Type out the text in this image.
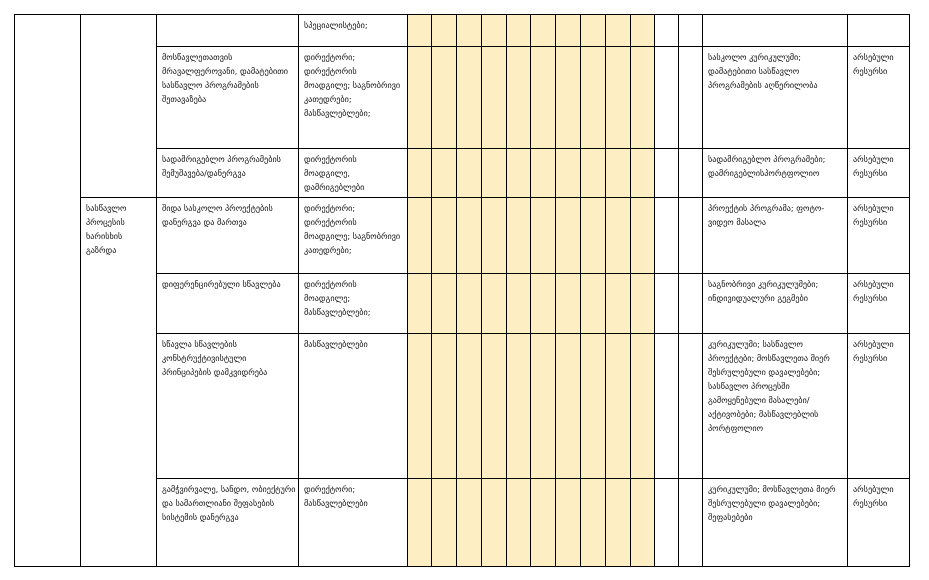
			სპეციალისტები;														
		მოსწავლეთათვის მრავალფეროვანი, დამატებითი სასწავლო პროგრამების შეთავაზება	დირექტორი; დირექტორის მოადგილე; საგნობრივი კათედრები; მასწავლებლები;													სასკოლო კურიკულუმი; დამატებითი სასწავლო პროგრამების აღწერილობა	არსებული რესურსი
		სადამრიგებლო პროგრამების შემუშავება/დანერგვა	დირექტორის მოადგილე, დამრიგებლები													სადამრიგებლო პროგრამები; დამრიგებლისპორტფოლიო	არსებული რესურსი
	სასწავლო პროცესის ხარისხის გაზრდა	შიდა სასკოლო პროექტების დანერგვა და მართვა	დირექტორი; დირექტორის მოადგილე; საგნობრივი კათედრები;													პროექტის პროგრამა; ფოტო-ვიდეო მასალა	არსებული რესურსი
		დიფერენცირებული სწავლება	დირექტორის მოადგილე; მასწავლებლები;													საგნობრივი კურიკულუმები; ინდივიდუალური გეგმები	არსებული რესურსი
		სწავლა სწავლების კონსტრუქტივისტული პრინციპების დამკვიდრება	მასწავლებლები													კურიკულუმი; სასწავლო პროექტები; მოსწავლეთა მიერ შესრულებული დავალებები; სასწავლო პროცესში გამოყენებული მასალები/აქტივობები; მასწავლებლის პორტფოლიო	არსებული რესურსი
		გამჭვირვალე, სანდო, ობიექტური და სამართლიანი შეფასების სისტემის დანერგვა	დირექტორი; მასწავლებლები													კურიკულუმი; მოსწავლეთა მიერ შესრულებული დავალებები; შეფასებები	არსებული რესურსი
